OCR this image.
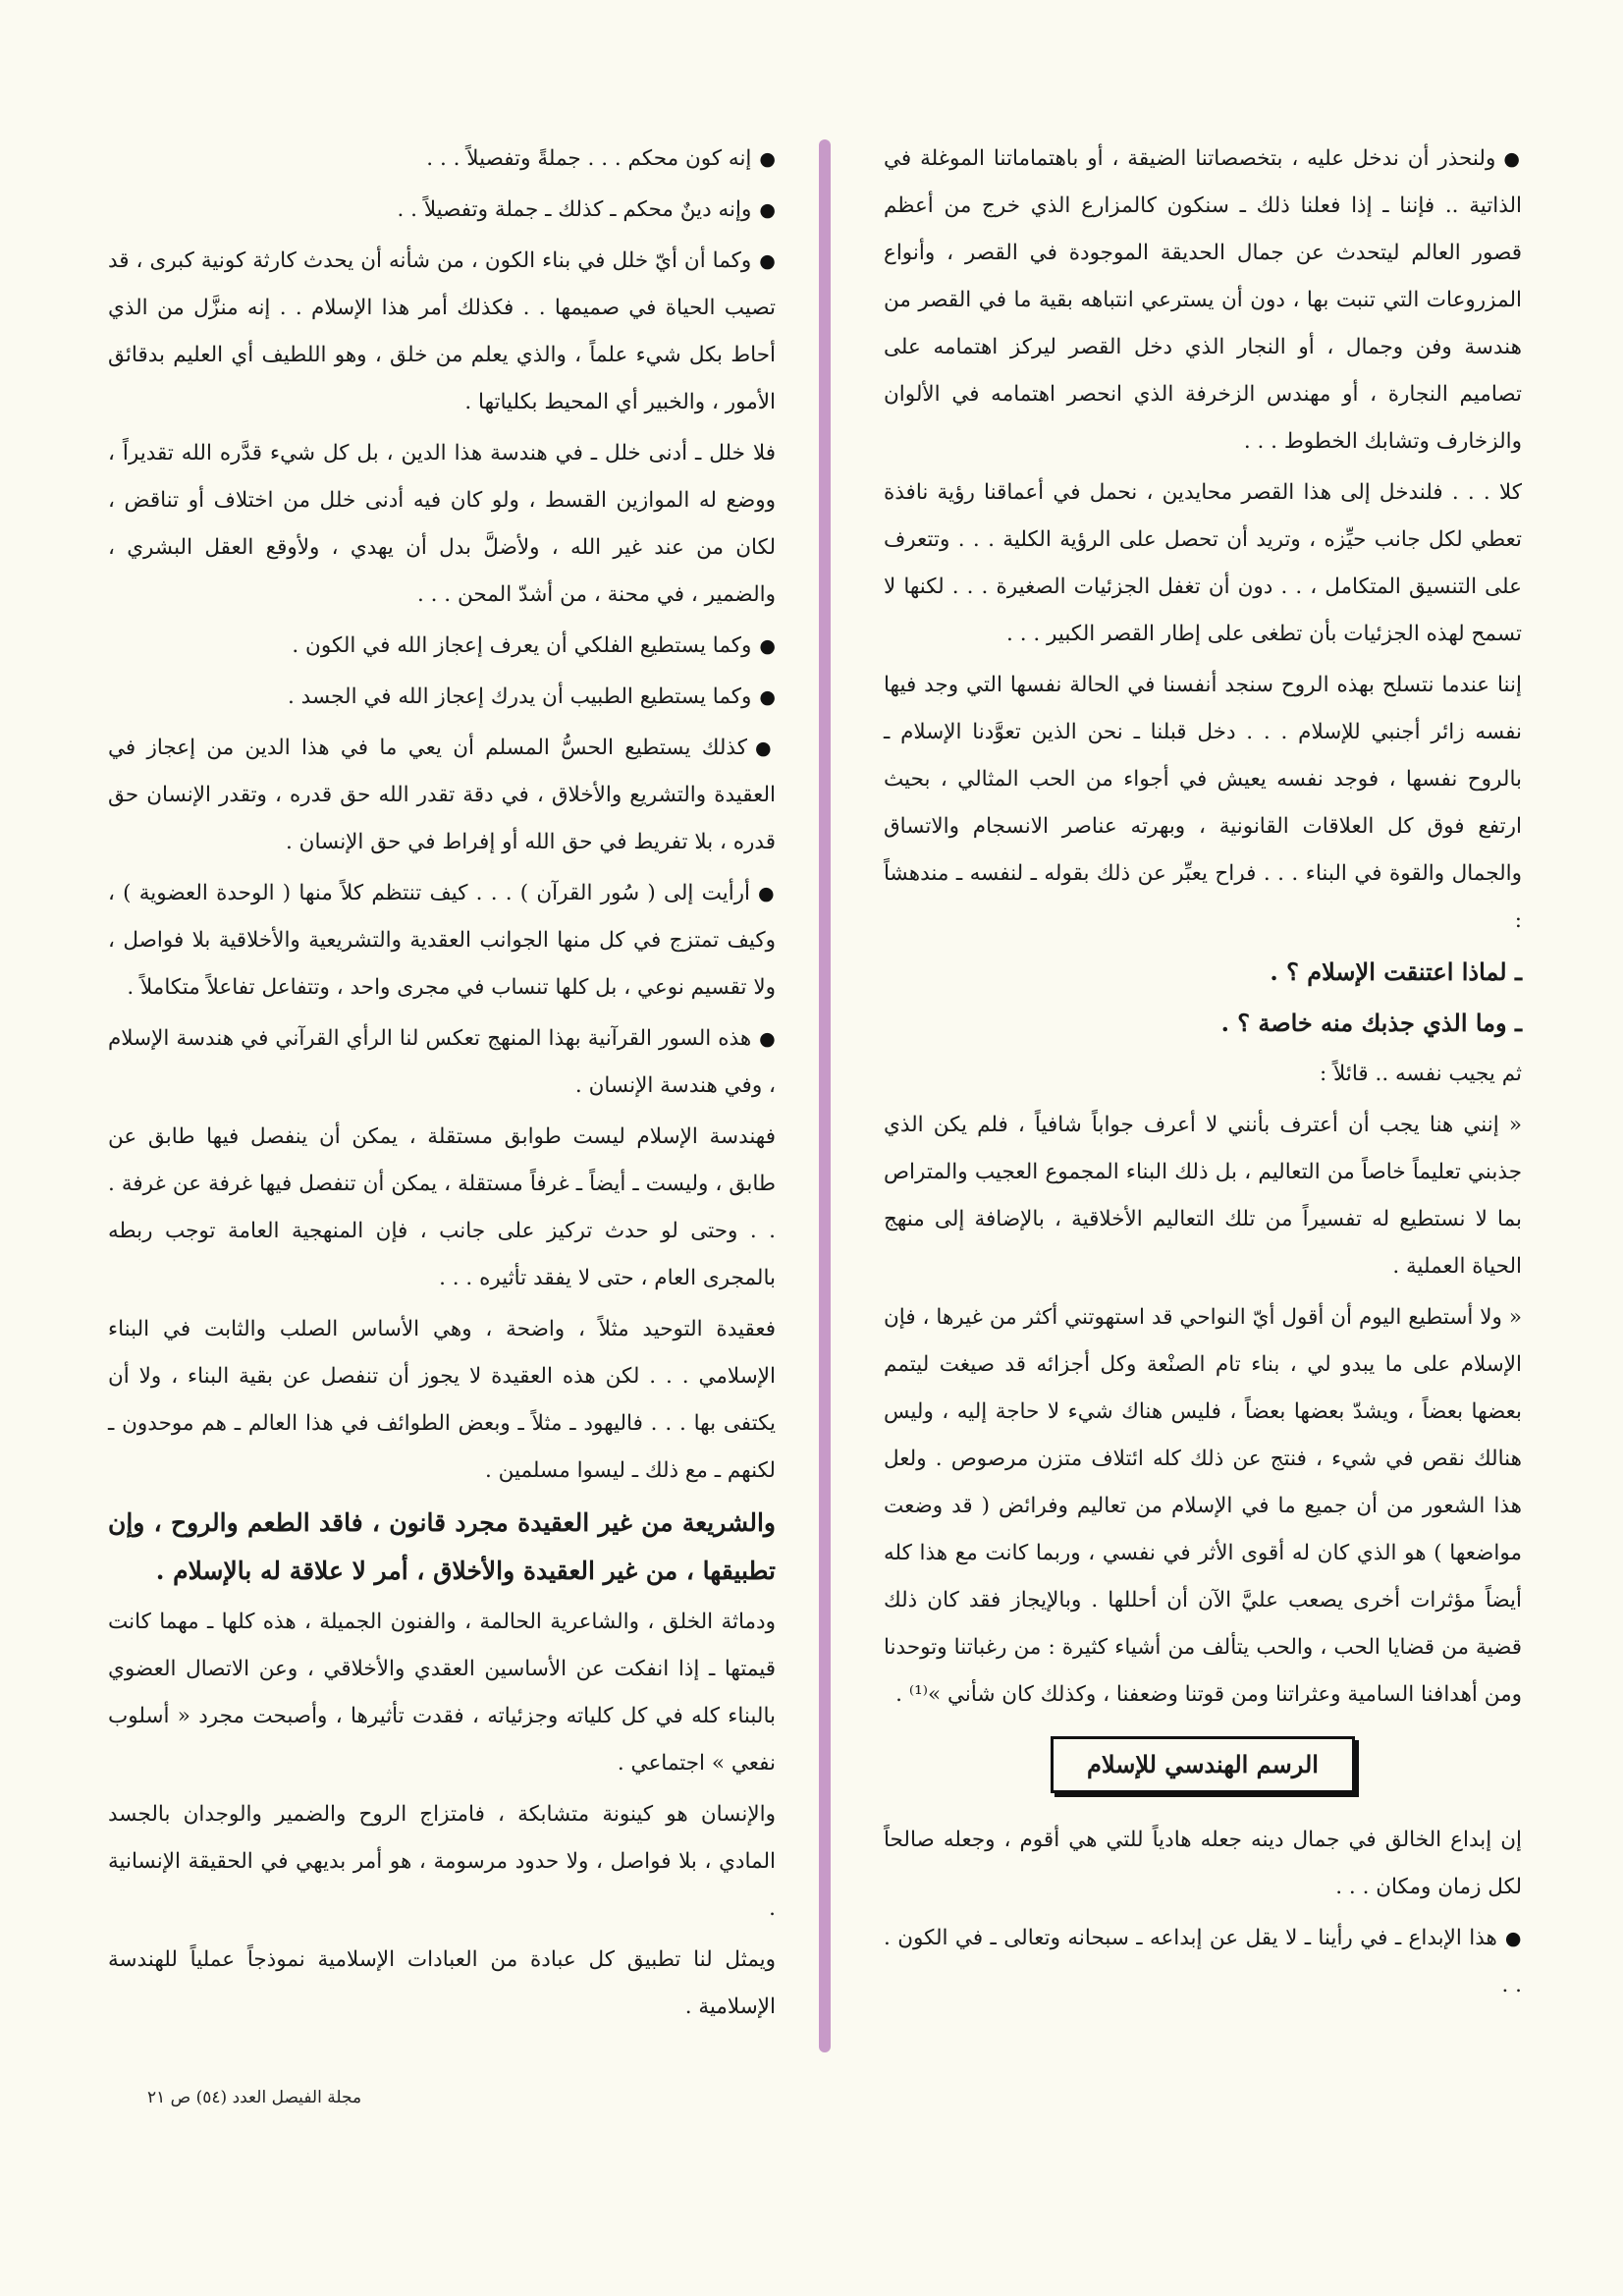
● ولنحذر أن ندخل عليه ، بتخصصاتنا الضيقة ، أو باهتماماتنا الموغلة في الذاتية .. فإننا ـ إذا فعلنا ذلك ـ سنكون كالمزارع الذي خرج من أعظم قصور العالم ليتحدث عن جمال الحديقة الموجودة في القصر ، وأنواع المزروعات التي تنبت بها ، دون أن يسترعي انتباهه بقية ما في القصر من هندسة وفن وجمال ، أو النجار الذي دخل القصر ليركز اهتمامه على تصاميم النجارة ، أو مهندس الزخرفة الذي انحصر اهتمامه في الألوان والزخارف وتشابك الخطوط . . .

كلا . . . فلندخل إلى هذا القصر محايدين ، نحمل في أعماقنا رؤية نافذة تعطي لكل جانب حيِّزه ، وتريد أن تحصل على الرؤية الكلية . . . وتتعرف على التنسيق المتكامل ، . . دون أن تغفل الجزئيات الصغيرة . . . لكنها لا تسمح لهذه الجزئيات بأن تطغى على إطار القصر الكبير . . .

إننا عندما نتسلح بهذه الروح سنجد أنفسنا في الحالة نفسها التي وجد فيها نفسه زائر أجنبي للإسلام . . . دخل قبلنا ـ نحن الذين تعوَّدنا الإسلام ـ بالروح نفسها ، فوجد نفسه يعيش في أجواء من الحب المثالي ، بحيث ارتفع فوق كل العلاقات القانونية ، وبهرته عناصر الانسجام والاتساق والجمال والقوة في البناء . . . فراح يعبِّر عن ذلك بقوله ـ لنفسه ـ مندهشاً :

ـ لماذا اعتنقت الإسلام ؟ .

ـ وما الذي جذبك منه خاصة ؟ .

ثم يجيب نفسه .. قائلاً :

« إنني هنا يجب أن أعترف بأنني لا أعرف جواباً شافياً ، فلم يكن الذي جذبني تعليماً خاصاً من التعاليم ، بل ذلك البناء المجموع العجيب والمتراص بما لا نستطيع له تفسيراً من تلك التعاليم الأخلاقية ، بالإضافة إلى منهج الحياة العملية .

« ولا أستطيع اليوم أن أقول أيّ النواحي قد استهوتني أكثر من غيرها ، فإن الإسلام على ما يبدو لي ، بناء تام الصنْعة وكل أجزائه قد صيغت ليتمم بعضها بعضاً ، ويشدّ بعضها بعضاً ، فليس هناك شيء لا حاجة إليه ، وليس هنالك نقص في شيء ، فنتج عن ذلك كله ائتلاف متزن مرصوص . ولعل هذا الشعور من أن جميع ما في الإسلام من تعاليم وفرائض ( قد وضعت مواضعها ) هو الذي كان له أقوى الأثر في نفسي ، وربما كانت مع هذا كله أيضاً مؤثرات أخرى يصعب عليَّ الآن أن أحللها . وبالإيجاز فقد كان ذلك قضية من قضايا الحب ، والحب يتألف من أشياء كثيرة : من رغباتنا وتوحدنا ومن أهدافنا السامية وعثراتنا ومن قوتنا وضعفنا ، وكذلك كان شأني »⁽¹⁾ .

الرسم الهندسي للإسلام

إن إبداع الخالق في جمال دينه جعله هادياً للتي هي أقوم ، وجعله صالحاً لكل زمان ومكان . . .

● هذا الإبداع ـ في رأينا ـ لا يقل عن إبداعه ـ سبحانه وتعالى ـ في الكون . . .

● إنه كون محكم . . . جملةً وتفصيلاً . . .

● وإنه دينٌ محكم ـ كذلك ـ جملة وتفصيلاً . .

● وكما أن أيّ خلل في بناء الكون ، من شأنه أن يحدث كارثة كونية كبرى ، قد تصيب الحياة في صميمها . . فكذلك أمر هذا الإسلام . . إنه منزَّل من الذي أحاط بكل شيء علماً ، والذي يعلم من خلق ، وهو اللطيف أي العليم بدقائق الأمور ، والخبير أي المحيط بكلياتها .

فلا خلل ـ أدنى خلل ـ في هندسة هذا الدين ، بل كل شيء قدَّره الله تقديراً ، ووضع له الموازين القسط ، ولو كان فيه أدنى خلل من اختلاف أو تناقض ، لكان من عند غير الله ، ولأضلَّ بدل أن يهدي ، ولأوقع العقل البشري ، والضمير ، في محنة ، من أشدّ المحن . . .

● وكما يستطيع الفلكي أن يعرف إعجاز الله في الكون .

● وكما يستطيع الطبيب أن يدرك إعجاز الله في الجسد .

● كذلك يستطيع الحسُّ المسلم أن يعي ما في هذا الدين من إعجاز في العقيدة والتشريع والأخلاق ، في دقة تقدر الله حق قدره ، وتقدر الإنسان حق قدره ، بلا تفريط في حق الله أو إفراط في حق الإنسان .

● أرأيت إلى ( سُور القرآن ) . . . كيف تنتظم كلاً منها ( الوحدة العضوية ) ، وكيف تمتزج في كل منها الجوانب العقدية والتشريعية والأخلاقية بلا فواصل ، ولا تقسيم نوعي ، بل كلها تنساب في مجرى واحد ، وتتفاعل تفاعلاً متكاملاً .

● هذه السور القرآنية بهذا المنهج تعكس لنا الرأي القرآني في هندسة الإسلام ، وفي هندسة الإنسان .

فهندسة الإسلام ليست طوابق مستقلة ، يمكن أن ينفصل فيها طابق عن طابق ، وليست ـ أيضاً ـ غرفاً مستقلة ، يمكن أن تنفصل فيها غرفة عن غرفة . . . وحتى لو حدث تركيز على جانب ، فإن المنهجية العامة توجب ربطه بالمجرى العام ، حتى لا يفقد تأثيره . . .

فعقيدة التوحيد مثلاً ، واضحة ، وهي الأساس الصلب والثابت في البناء الإسلامي . . . لكن هذه العقيدة لا يجوز أن تنفصل عن بقية البناء ، ولا أن يكتفى بها . . . فاليهود ـ مثلاً ـ وبعض الطوائف في هذا العالم ـ هم موحدون ـ لكنهم ـ مع ذلك ـ ليسوا مسلمين .

والشريعة من غير العقيدة مجرد قانون ، فاقد الطعم والروح ، وإن تطبيقها ، من غير العقيدة والأخلاق ، أمر لا علاقة له بالإسلام .

ودماثة الخلق ، والشاعرية الحالمة ، والفنون الجميلة ، هذه كلها ـ مهما كانت قيمتها ـ إذا انفكت عن الأساسين العقدي والأخلاقي ، وعن الاتصال العضوي بالبناء كله في كل كلياته وجزئياته ، فقدت تأثيرها ، وأصبحت مجرد « أسلوب نفعي » اجتماعي .

والإنسان هو كينونة متشابكة ، فامتزاج الروح والضمير والوجدان بالجسد المادي ، بلا فواصل ، ولا حدود مرسومة ، هو أمر بديهي في الحقيقة الإنسانية .

ويمثل لنا تطبيق كل عبادة من العبادات الإسلامية نموذجاً عملياً للهندسة الإسلامية .

مجلة الفيصل العدد (٥٤) ص ٢١
